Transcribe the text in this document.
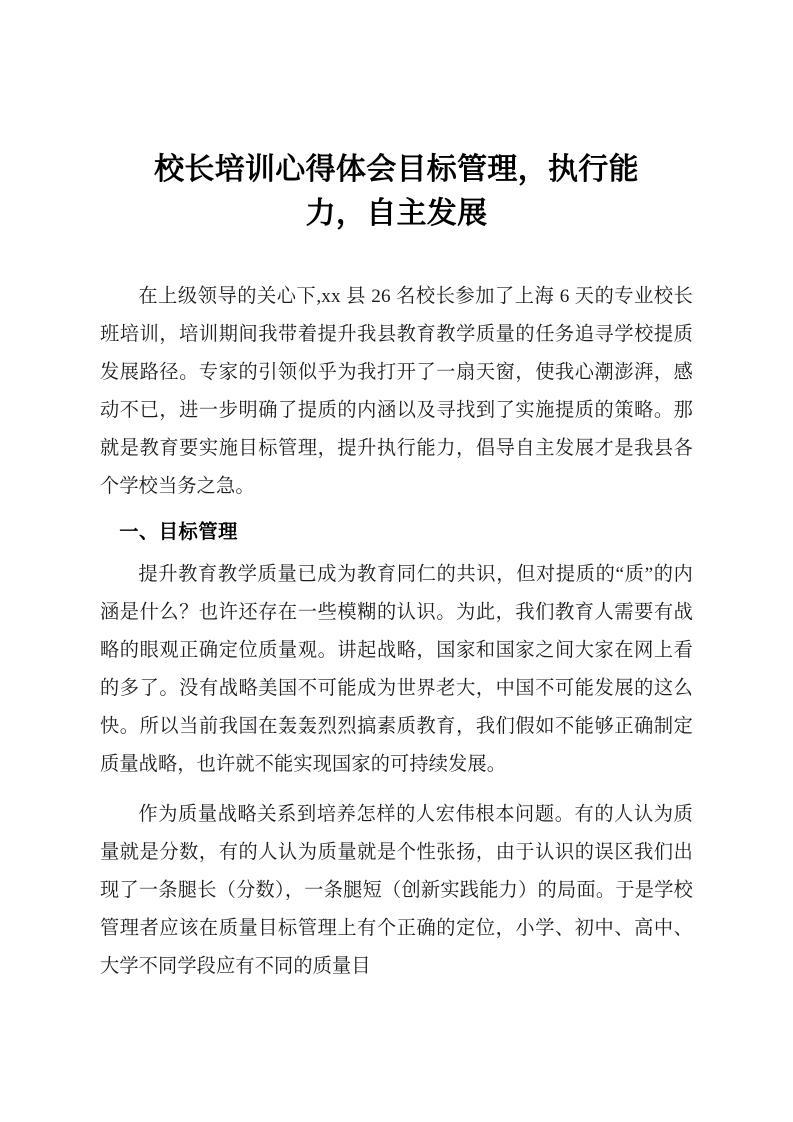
校长培训心得体会目标管理，执行能
力，自主发展

在上级领导的关心下,xx 县 26 名校长参加了上海 6 天的专业校长班培训，培训期间我带着提升我县教育教学质量的任务追寻学校提质发展路径。专家的引领似乎为我打开了一扇天窗，使我心潮澎湃，感动不已，进一步明确了提质的内涵以及寻找到了实施提质的策略。那就是教育要实施目标管理，提升执行能力，倡导自主发展才是我县各个学校当务之急。

一、目标管理

提升教育教学质量已成为教育同仁的共识，但对提质的“质”的内涵是什么？也许还存在一些模糊的认识。为此，我们教育人需要有战略的眼观正确定位质量观。讲起战略，国家和国家之间大家在网上看的多了。没有战略美国不可能成为世界老大，中国不可能发展的这么快。所以当前我国在轰轰烈烈搞素质教育，我们假如不能够正确制定质量战略，也许就不能实现国家的可持续发展。

作为质量战略关系到培养怎样的人宏伟根本问题。有的人认为质量就是分数，有的人认为质量就是个性张扬，由于认识的误区我们出现了一条腿长（分数），一条腿短（创新实践能力）的局面。于是学校管理者应该在质量目标管理上有个正确的定位，小学、初中、高中、大学不同学段应有不同的质量目
